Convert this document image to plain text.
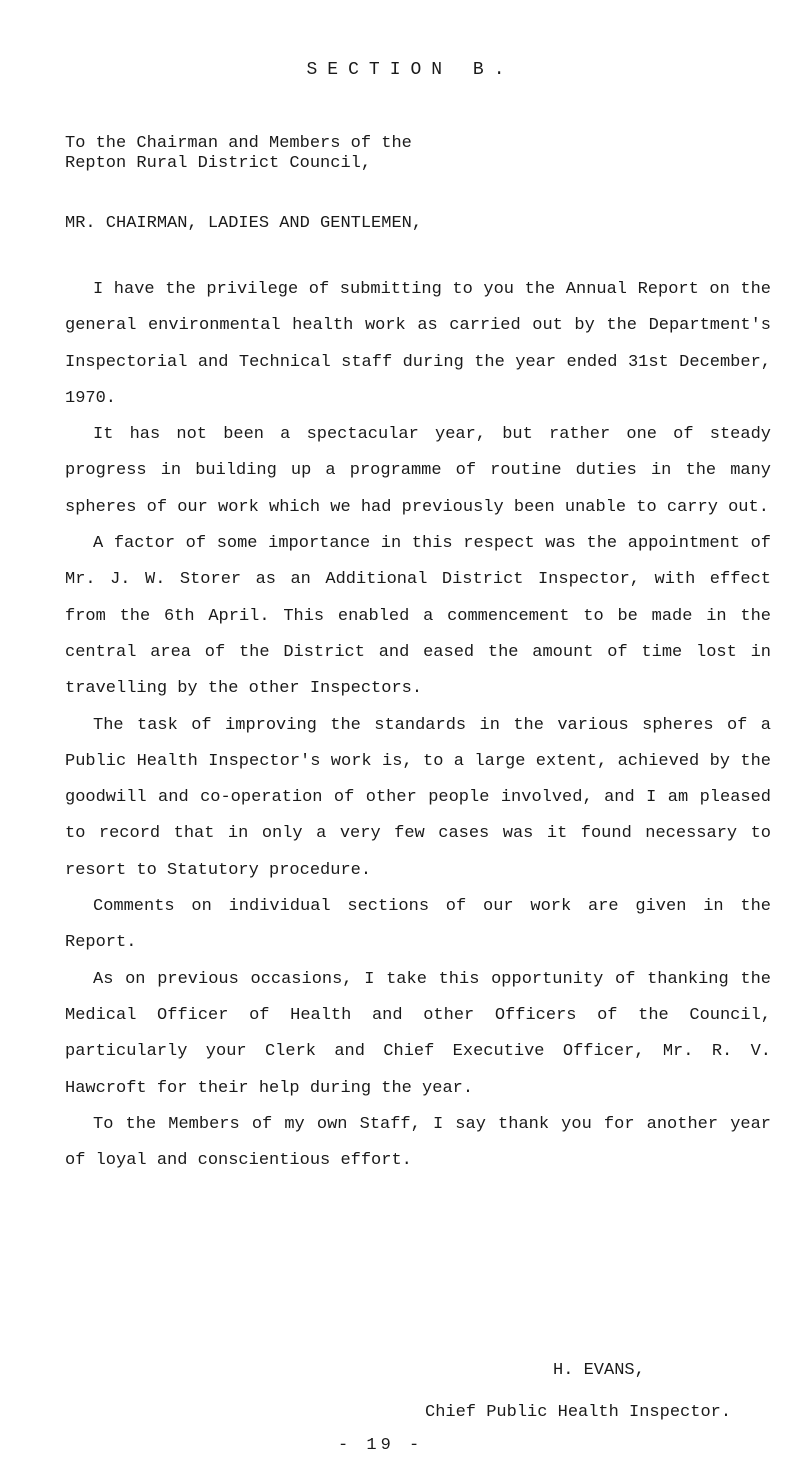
SECTION B.
To the Chairman and Members of the
Repton Rural District Council,
MR. CHAIRMAN, LADIES AND GENTLEMEN,

I have the privilege of submitting to you the Annual Report on the general environmental health work as carried out by the Department's Inspectorial and Technical staff during the year ended 31st December, 1970.

It has not been a spectacular year, but rather one of steady progress in building up a programme of routine duties in the many spheres of our work which we had previously been unable to carry out.

A factor of some importance in this respect was the appointment of Mr. J. W. Storer as an Additional District Inspector, with effect from the 6th April. This enabled a commencement to be made in the central area of the District and eased the amount of time lost in travelling by the other Inspectors.

The task of improving the standards in the various spheres of a Public Health Inspector's work is, to a large extent, achieved by the goodwill and co-operation of other people involved, and I am pleased to record that in only a very few cases was it found necessary to resort to Statutory procedure.

Comments on individual sections of our work are given in the Report.

As on previous occasions, I take this opportunity of thanking the Medical Officer of Health and other Officers of the Council, particularly your Clerk and Chief Executive Officer, Mr. R. V. Hawcroft for their help during the year.

To the Members of my own Staff, I say thank you for another year of loyal and conscientious effort.

H. EVANS,
Chief Public Health Inspector.
- 19 -
